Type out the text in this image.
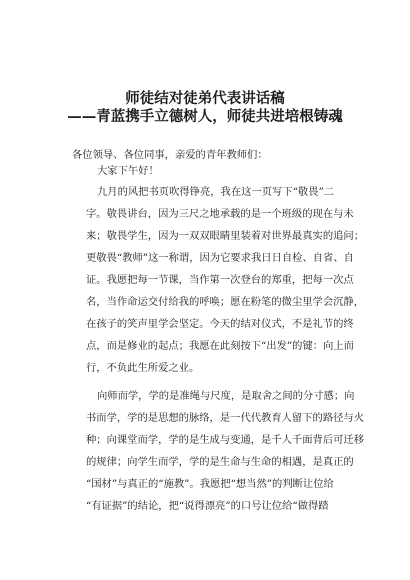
师徒结对徒弟代表讲话稿
——青蓝携手立德树人，师徒共进培根铸魂
各位领导、各位同事，亲爱的青年教师们：
大家下午好！
九月的风把书页吹得铮亮，我在这一页写下“敬畏”二
字。敬畏讲台，因为三尺之地承载的是一个班级的现在与未
来；敬畏学生，因为一双双眼睛里装着对世界最真实的追问；
更敬畏“教师”这一称谓，因为它要求我日日自检、自省、自
证。我愿把每一节课，当作第一次登台的郑重，把每一次点
名，当作命运交付给我的呼唤；愿在粉笔的微尘里学会沉静，
在孩子的笑声里学会坚定。今天的结对仪式，不是礼节的终
点，而是修业的起点；我愿在此刻按下“出发”的键：向上而
行，不负此生所爱之业。
向师而学，学的是准绳与尺度，是取舍之间的分寸感；向
书而学，学的是思想的脉络，是一代代教育人留下的路径与火
种；向课堂而学，学的是生成与变通，是千人千面背后可迁移
的规律；向学生而学，学的是生命与生命的相遇，是真正的
“国材”与真正的“施教”。我愿把“想当然”的判断让位给
“有证据”的结论，把“说得漂亮”的口号让位给“做得踏
